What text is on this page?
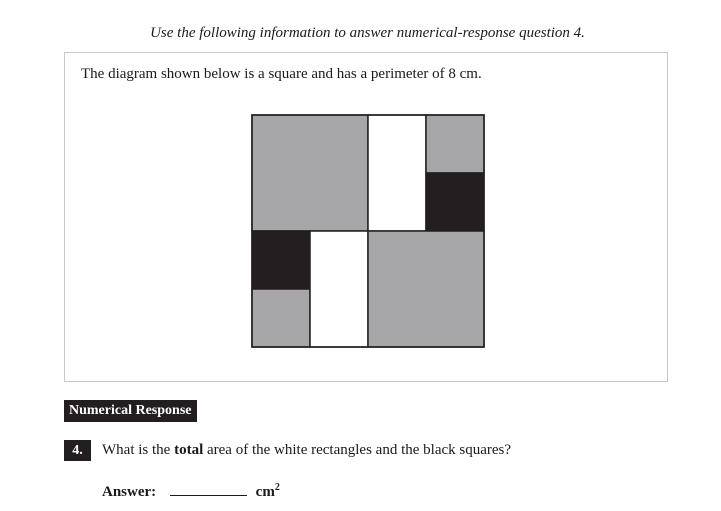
Use the following information to answer numerical-response question 4.
The diagram shown below is a square and has a perimeter of 8 cm.
Numerical Response
4.	What is the total area of the white rectangles and the black squares?
Answer:	$cm^2$
